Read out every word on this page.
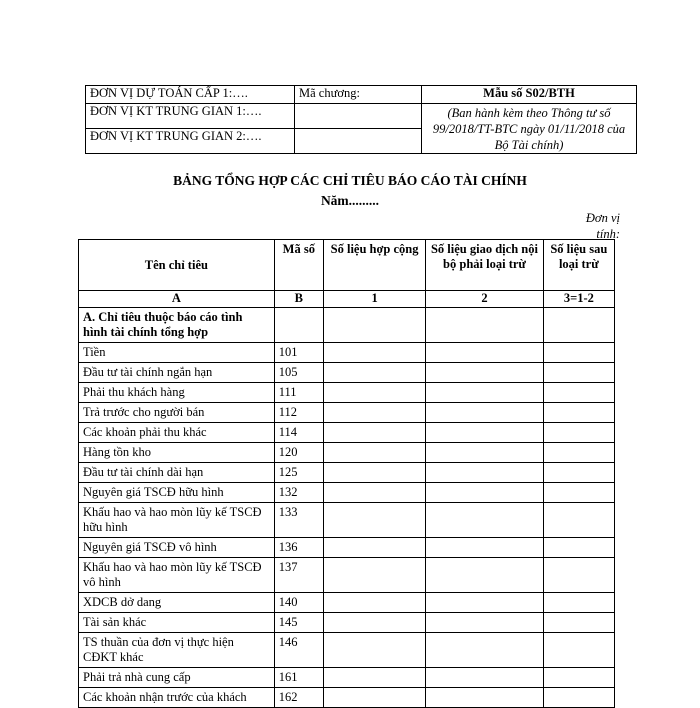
ĐƠN VỊ DỰ TOÁN CẤP 1:….	Mã chương:	Mẫu số S02/BTH
ĐƠN VỊ KT TRUNG GIAN 1:….		(Ban hành kèm theo Thông tư số 99/2018/TT-BTC ngày 01/11/2018 của Bộ Tài chính)
ĐƠN VỊ KT TRUNG GIAN 2:….		
BẢNG TỔNG HỢP CÁC CHỈ TIÊU BÁO CÁO TÀI CHÍNH
Năm.........
Đơn vị tính:
Tên chỉ tiêu	Mã số	Số liệu hợp cộng	Số liệu giao dịch nội bộ phải loại trừ	Số liệu sau loại trừ
A	B	1	2	3=1-2
A. Chỉ tiêu thuộc báo cáo tình hình tài chính tổng hợp				
Tiền	101			
Đầu tư tài chính ngắn hạn	105			
Phải thu khách hàng	111			
Trả trước cho người bán	112			
Các khoản phải thu khác	114			
Hàng tồn kho	120			
Đầu tư tài chính dài hạn	125			
Nguyên giá TSCĐ hữu hình	132			
Khấu hao và hao mòn lũy kế TSCĐ hữu hình	133			
Nguyên giá TSCĐ vô hình	136			
Khấu hao và hao mòn lũy kế TSCĐ vô hình	137			
XDCB dở dang	140			
Tài sản khác	145			
TS thuần của đơn vị thực hiện CĐKT khác	146			
Phải trả nhà cung cấp	161			
Các khoản nhận trước của khách	162			
